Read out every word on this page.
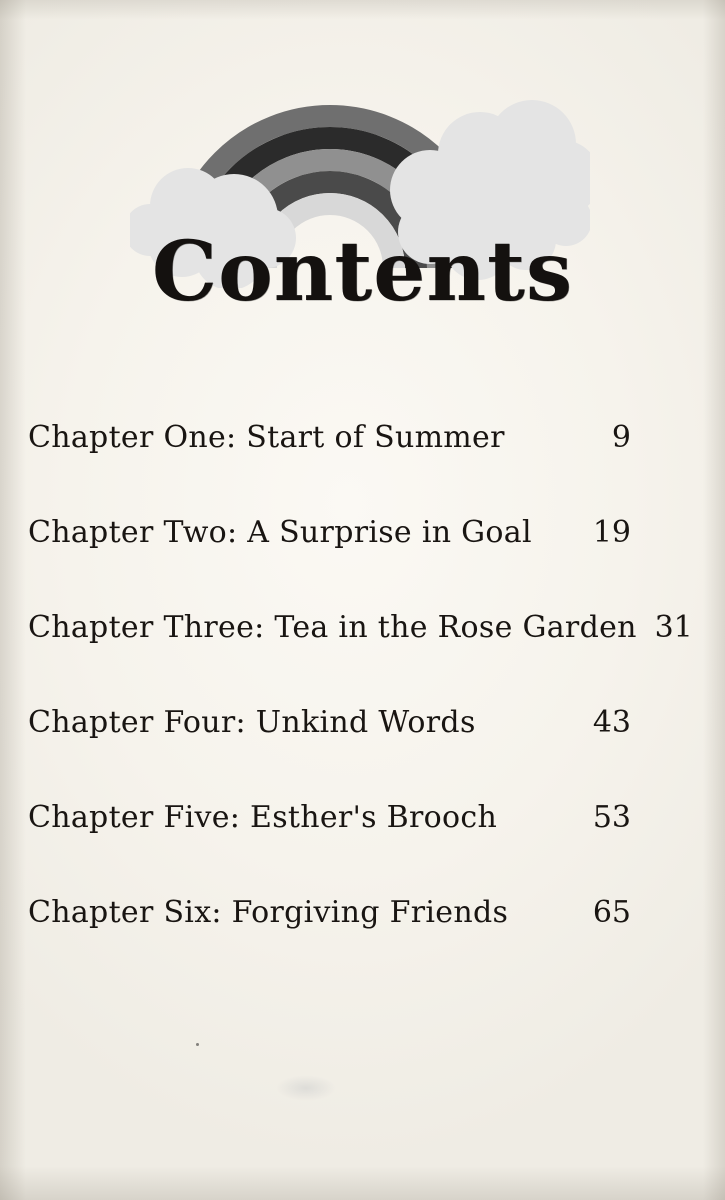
Contents
Chapter One: Start of Summer	9
Chapter Two: A Surprise in Goal	19
Chapter Three: Tea in the Rose Garden 31
Chapter Four: Unkind Words	43
Chapter Five: Esther's Brooch	53
Chapter Six: Forgiving Friends	65
